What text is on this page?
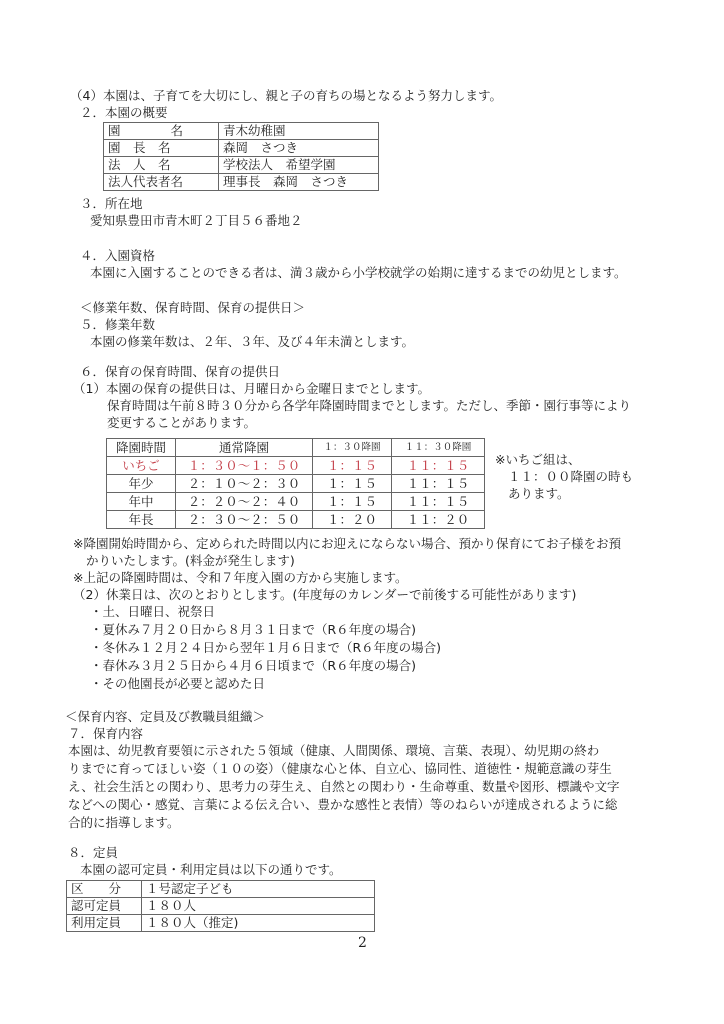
（4）本園は、子育てを大切にし、親と子の育ちの場となるよう努力します。
２．本園の概要
園　　　　名	青木幼稚園
園　長　名	森岡　さつき
法　人　名	学校法人　希望学園
法人代表者名	理事長　森岡　さつき
３．所在地
愛知県豊田市青木町２丁目５６番地２
４．入園資格
本園に入園することのできる者は、満３歳から小学校就学の始期に達するまでの幼児とします。
＜修業年数、保育時間、保育の提供日＞
５．修業年数
本園の修業年数は、２年、３年、及び４年未満とします。
６．保育の保育時間、保育の提供日
（1）本園の保育の提供日は、月曜日から金曜日までとします。
保育時間は午前８時３０分から各学年降園時間までとします。ただし、季節・園行事等により
変更することがあります。
降園時間	通常降園	１：３０降園	１１：３０降園
いちご	１：３０～１：５０	１：１５	１１：１５
年少	２：１０～２：３０	１：１５	１１：１５
年中	２：２０～２：４０	１：１５	１１：１５
年長	２：３０～２：５０	１：２０	１１：２０
※いちご組は、
１１：００降園の時も
あります。
※降園開始時間から、定められた時間以内にお迎えにならない場合、預かり保育にてお子様をお預
かりいたします。(料金が発生します)
※上記の降園時間は、令和７年度入園の方から実施します。
（2）休業日は、次のとおりとします。(年度毎のカレンダーで前後する可能性があります)
・土、日曜日、祝祭日
・夏休み７月２０日から８月３１日まで（R６年度の場合)
・冬休み１２月２４日から翌年１月６日まで（R６年度の場合)
・春休み３月２５日から４月６日頃まで（R６年度の場合)
・その他園長が必要と認めた日
＜保育内容、定員及び教職員組織＞
７．保育内容
本園は、幼児教育要領に示された５領域（健康、人間関係、環境、言葉、表現）、幼児期の終わ
りまでに育ってほしい姿（１０の姿）（健康な心と体、自立心、協同性、道徳性・規範意識の芽生
え、社会生活との関わり、思考力の芽生え、自然との関わり・生命尊重、数量や図形、標識や文字
などへの関心・感覚、言葉による伝え合い、豊かな感性と表情）等のねらいが達成されるように総
合的に指導します。
８．定員
本園の認可定員・利用定員は以下の通りです。
区　　分	１号認定子ども
認可定員	１８０人
利用定員	１８０人（推定)
2
